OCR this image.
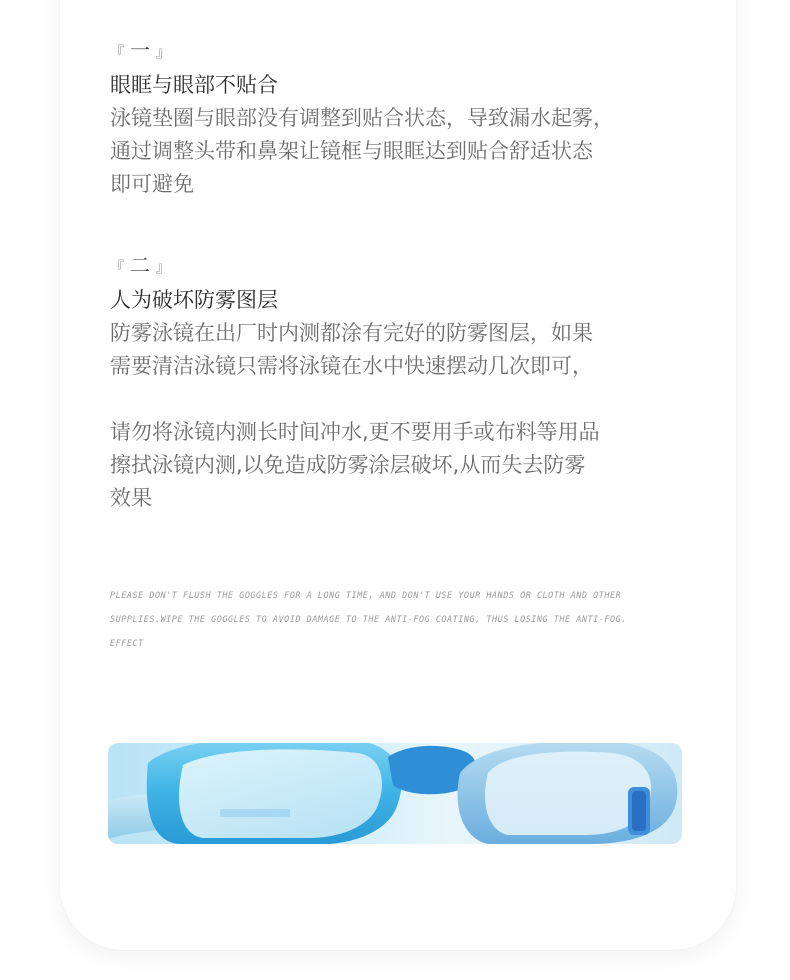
『 一 』
眼眶与眼部不贴合

泳镜垫圈与眼部没有调整到贴合状态，导致漏水起雾，

通过调整头带和鼻架让镜框与眼眶达到贴合舒适状态

即可避免

『 二 』
人为破坏防雾图层

防雾泳镜在出厂时内测都涂有完好的防雾图层，如果

需要清洁泳镜只需将泳镜在水中快速摆动几次即可，

请勿将泳镜内测长时间冲水,更不要用手或布料等用品

擦拭泳镜内测,以免造成防雾涂层破坏,从而失去防雾

效果

PLEASE DON'T FLUSH THE GOGGLES FOR A LONG TIME, AND DON'T USE YOUR HANDS OR CLOTH AND OTHER

SUPPLIES.WIPE THE GOGGLES TO AVOID DAMAGE TO THE ANTI-FOG COATING, THUS LOSING THE ANTI-FOG.

EFFECT
